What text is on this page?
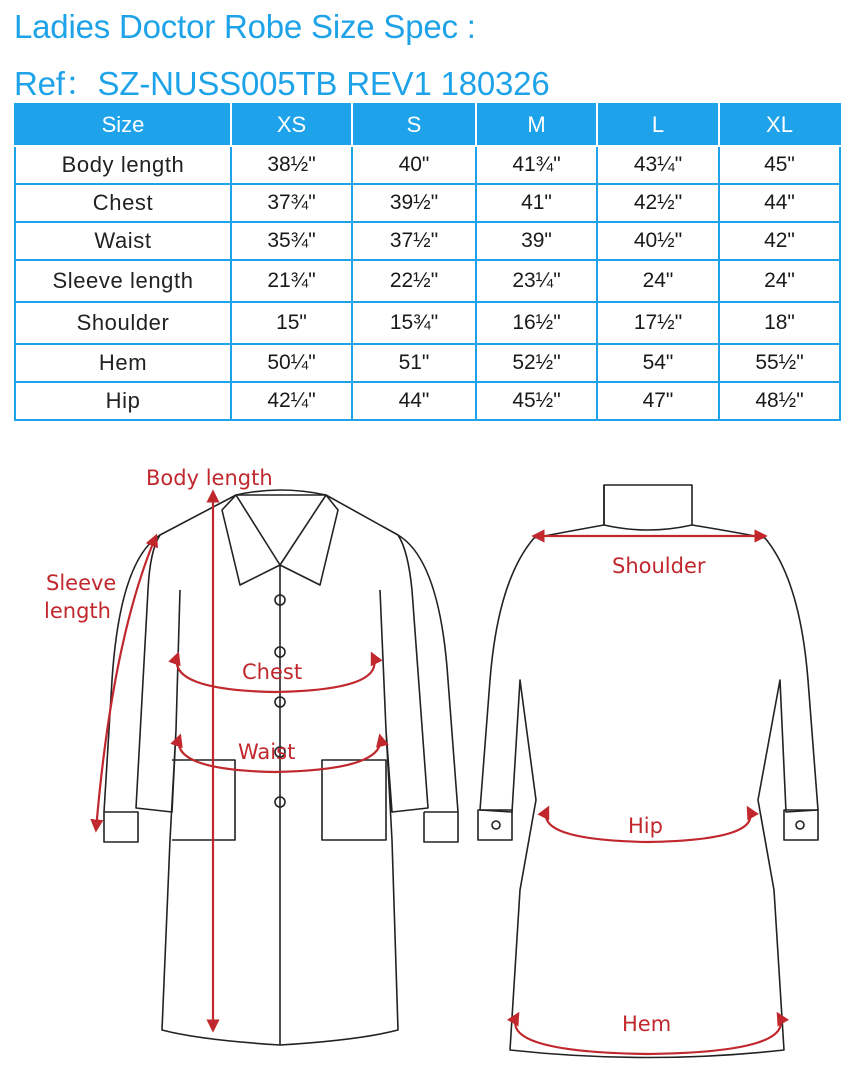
Ladies Doctor Robe Size Spec :
Ref：SZ-NUSS005TB REV1 180326
Size	XS	S	M	L	XL
Body length	38½"	40"	41¾"	43¼"	45"
Chest	37¾"	39½"	41"	42½"	44"
Waist	35¾"	37½"	39"	40½"	42"
Sleeve length	21¾"	22½"	23¼"	24"	24"
Shoulder	15"	15¾"	16½"	17½"	18"
Hem	50¼"	51"	52½"	54"	55½"
Hip	42¼"	44"	45½"	47"	48½"
Body length
Sleeve
length
Chest
Waist
Shoulder
Hip
Hem
